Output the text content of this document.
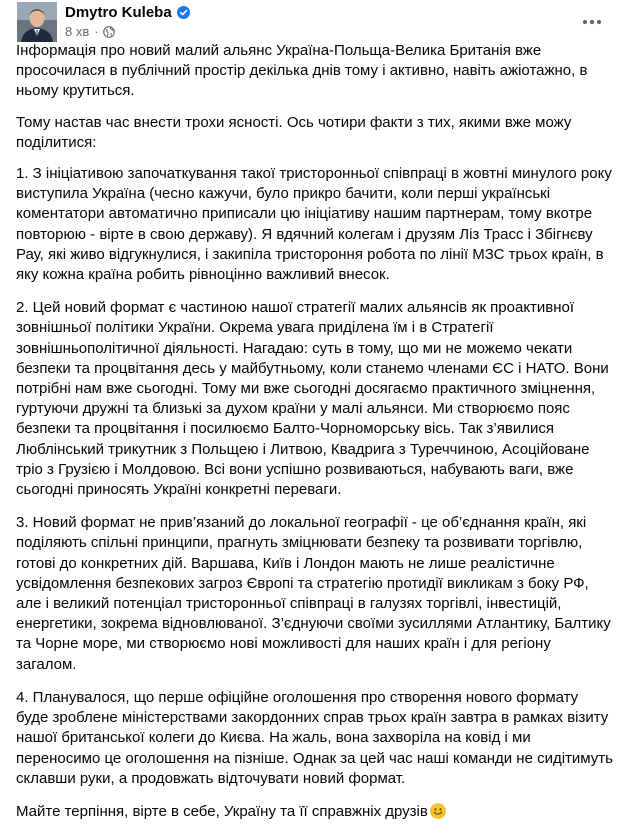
Dmytro Kuleba
8 хв ·

Інформація про новий малий альянс Україна-Польща-Велика Британія вже просочилася в публічний простір декілька днів тому і активно, навіть ажіотажно, в ньому крутиться.

Тому настав час внести трохи ясності. Ось чотири факти з тих, якими вже можу поділитися:

1. З ініціативою започаткування такої тристоронньої співпраці в жовтні минулого року виступила Україна (чесно кажучи, було прикро бачити, коли перші українські коментатори автоматично приписали цю ініціативу нашим партнерам, тому вкотре повторюю - вірте в свою державу). Я вдячний колегам і друзям Ліз Трасс і Збігнєву Рау, які живо відгукнулися, і закипіла тристороння робота по лінії МЗС трьох країн, в яку кожна країна робить рівноцінно важливий внесок.

2. Цей новий формат є частиною нашої стратегії малих альянсів як проактивної зовнішньої політики України. Окрема увага приділена їм і в Стратегії зовнішньополітичної діяльності. Нагадаю: суть в тому, що ми не можемо чекати безпеки та процвітання десь у майбутньому, коли станемо членами ЄС і НАТО. Вони потрібні нам вже сьогодні. Тому ми вже сьогодні досягаємо практичного зміцнення, гуртуючи дружні та близькі за духом країни у малі альянси. Ми створюємо пояс безпеки та процвітання і посилюємо Балто-Чорноморську вісь. Так з’явилися Люблінський трикутник з Польщею і Литвою, Квадрига з Туреччиною, Асоційоване тріо з Грузією і Молдовою. Всі вони успішно розвиваються, набувають ваги, вже сьогодні приносять Україні конкретні переваги.

3. Новий формат не прив’язаний до локальної географії - це об’єднання країн, які поділяють спільні принципи, прагнуть зміцнювати безпеку та розвивати торгівлю, готові до конкретних дій. Варшава, Київ і Лондон мають не лише реалістичне усвідомлення безпекових загроз Європі та стратегію протидії викликам з боку РФ, але і великий потенціал тристоронньої співпраці в галузях торгівлі, інвестицій, енергетики, зокрема відновлюваної. З’єднуючи своїми зусиллями Атлантику, Балтику та Чорне море, ми створюємо нові можливості для наших країн і для регіону загалом.

4. Планувалося, що перше офіційне оголошення про створення нового формату буде зроблене міністерствами закордонних справ трьох країн завтра в рамках візиту нашої британської колеги до Києва. На жаль, вона захворіла на ковід і ми переносимо це оголошення на пізніше. Однак за цей час наші команди не сидітимуть склавши руки, а продовжать відточувати новий формат.

Майте терпіння, вірте в себе, Україну та її справжніх друзів
